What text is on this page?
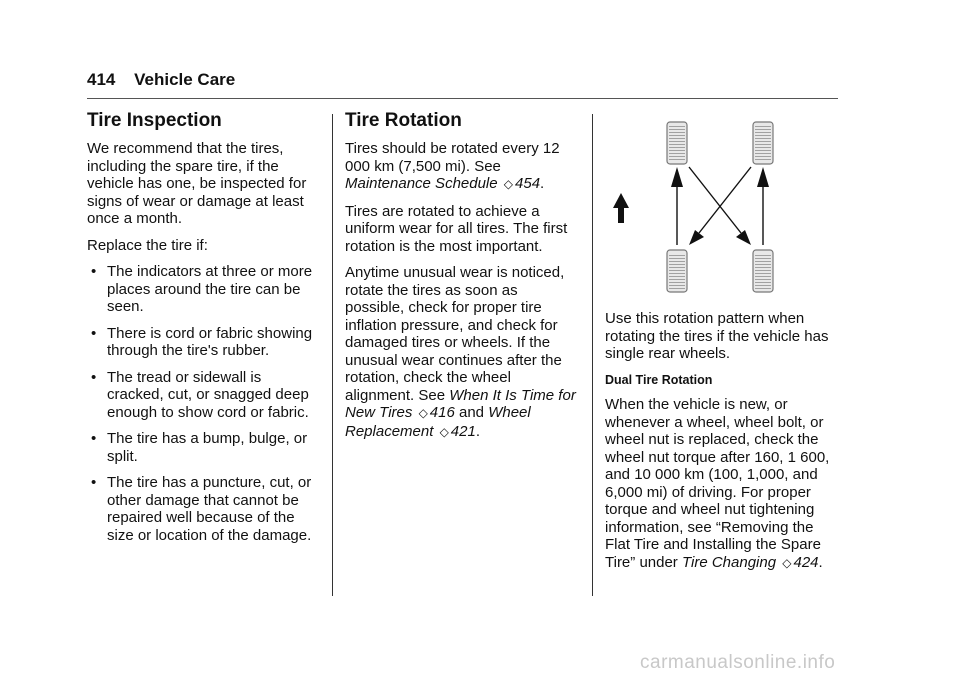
414 Vehicle Care
Tire Inspection

We recommend that the tires, including the spare tire, if the vehicle has one, be inspected for signs of wear or damage at least once a month.

Replace the tire if:

• The indicators at three or more places around the tire can be seen.
• There is cord or fabric showing through the tire's rubber.
• The tread or sidewall is cracked, cut, or snagged deep enough to show cord or fabric.
• The tire has a bump, bulge, or split.
• The tire has a puncture, cut, or other damage that cannot be repaired well because of the size or location of the damage.
Tire Rotation

Tires should be rotated every 12 000 km (7,500 mi). See Maintenance Schedule ◇ 454.

Tires are rotated to achieve a uniform wear for all tires. The first rotation is the most important.

Anytime unusual wear is noticed, rotate the tires as soon as possible, check for proper tire inflation pressure, and check for damaged tires or wheels. If the unusual wear continues after the rotation, check the wheel alignment. See When It Is Time for New Tires ◇ 416 and Wheel Replacement ◇ 421.

Use this rotation pattern when rotating the tires if the vehicle has single rear wheels.

Dual Tire Rotation

When the vehicle is new, or whenever a wheel, wheel bolt, or wheel nut is replaced, check the wheel nut torque after 160, 1 600, and 10 000 km (100, 1,000, and 6,000 mi) of driving. For proper torque and wheel nut tightening information, see “Removing the Flat Tire and Installing the Spare Tire” under Tire Changing ◇ 424.

carmanualsonline.info
